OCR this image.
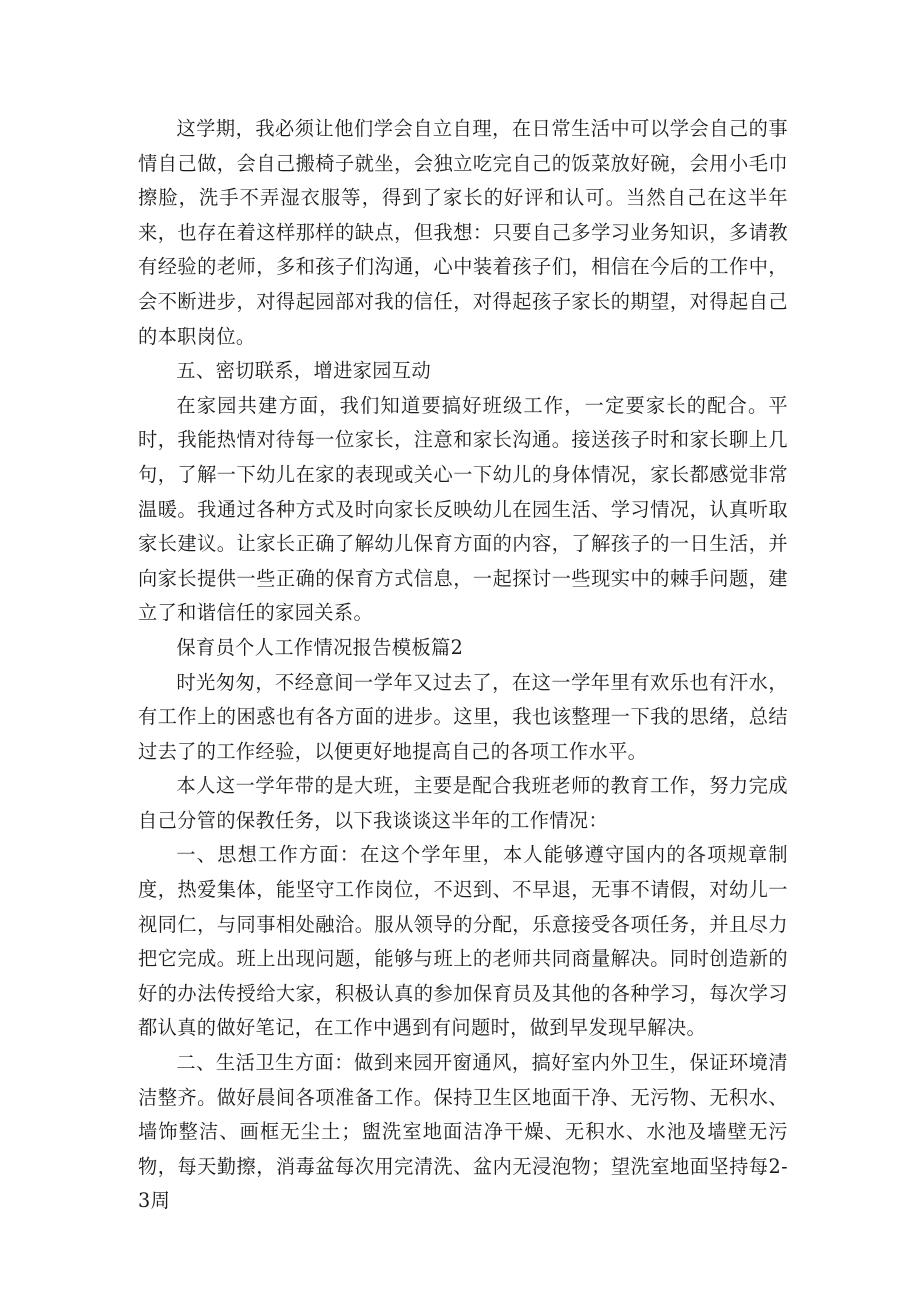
这学期，我必须让他们学会自立自理，在日常生活中可以学会自己的事情自己做，会自己搬椅子就坐，会独立吃完自己的饭菜放好碗，会用小毛巾擦脸，洗手不弄湿衣服等，得到了家长的好评和认可。当然自己在这半年来，也存在着这样那样的缺点，但我想：只要自己多学习业务知识，多请教有经验的老师，多和孩子们沟通，心中装着孩子们，相信在今后的工作中，会不断进步，对得起园部对我的信任，对得起孩子家长的期望，对得起自己的本职岗位。

五、密切联系，增进家园互动

在家园共建方面，我们知道要搞好班级工作，一定要家长的配合。平时，我能热情对待每一位家长，注意和家长沟通。接送孩子时和家长聊上几句，了解一下幼儿在家的表现或关心一下幼儿的身体情况，家长都感觉非常温暖。我通过各种方式及时向家长反映幼儿在园生活、学习情况，认真听取家长建议。让家长正确了解幼儿保育方面的内容，了解孩子的一日生活，并向家长提供一些正确的保育方式信息，一起探讨一些现实中的棘手问题，建立了和谐信任的家园关系。

保育员个人工作情况报告模板篇2

时光匆匆，不经意间一学年又过去了，在这一学年里有欢乐也有汗水，有工作上的困惑也有各方面的进步。这里，我也该整理一下我的思绪，总结过去了的工作经验，以便更好地提高自己的各项工作水平。

本人这一学年带的是大班，主要是配合我班老师的教育工作，努力完成自己分管的保教任务，以下我谈谈这半年的工作情况：

一、思想工作方面：在这个学年里，本人能够遵守国内的各项规章制度，热爱集体，能坚守工作岗位，不迟到、不早退，无事不请假，对幼儿一视同仁，与同事相处融洽。服从领导的分配，乐意接受各项任务，并且尽力把它完成。班上出现问题，能够与班上的老师共同商量解决。同时创造新的好的办法传授给大家，积极认真的参加保育员及其他的各种学习，每次学习都认真的做好笔记，在工作中遇到有问题时，做到早发现早解决。

二、生活卫生方面：做到来园开窗通风，搞好室内外卫生，保证环境清洁整齐。做好晨间各项准备工作。保持卫生区地面干净、无污物、无积水、墙饰整洁、画框无尘土；盥洗室地面洁净干燥、无积水、水池及墙壁无污物，每天勤擦，消毒盆每次用完清洗、盆内无浸泡物；望洗室地面坚持每2-3周
